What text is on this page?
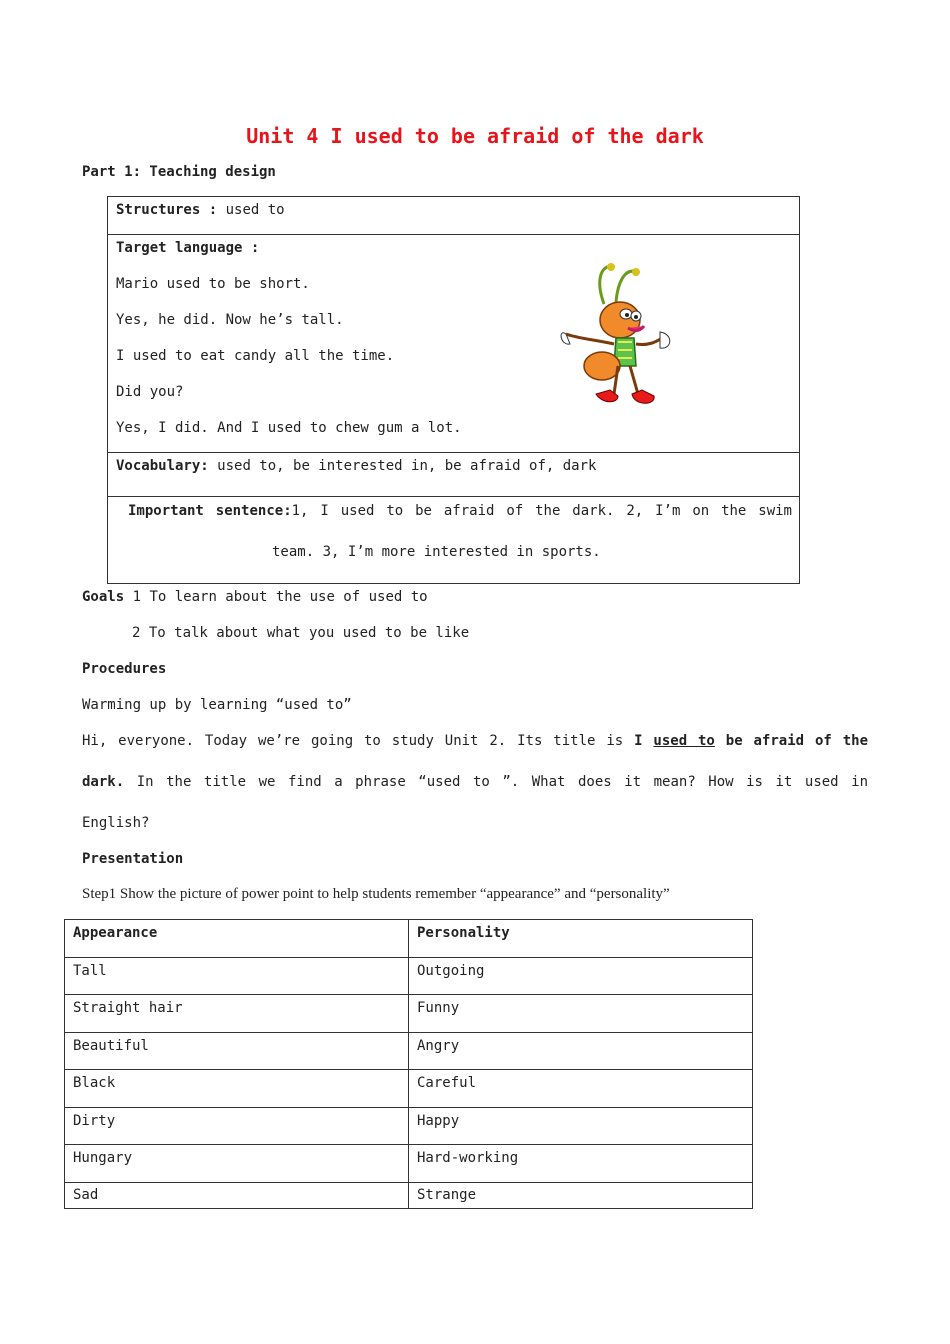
Unit 4 I used to be afraid of the dark
Part 1: Teaching design
Structures : used to
Target language :
Mario used to be short.
Yes, he did. Now he’s tall.
I used to eat candy all the time.
Did you?
Yes, I did. And I used to chew gum a lot.
Vocabulary: used to, be interested in, be afraid of, dark
Important sentence:1, I used to be afraid of the dark. 2, I’m on the swim
team. 3, I’m more interested in sports.
Goals 1 To learn about the use of used to
2 To talk about what you used to be like
Procedures
Warming up by learning “used to”
Hi, everyone. Today we’re going to study Unit 2. Its title is I used to be afraid of the
dark. In the title we find a phrase “used to ”. What does it mean? How is it used in
English?
Presentation
Step1 Show the picture of power point to help students remember “appearance” and “personality”
Appearance	Personality
Tall	Outgoing
Straight hair	Funny
Beautiful	Angry
Black	Careful
Dirty	Happy
Hungary	Hard-working
Sad	Strange
